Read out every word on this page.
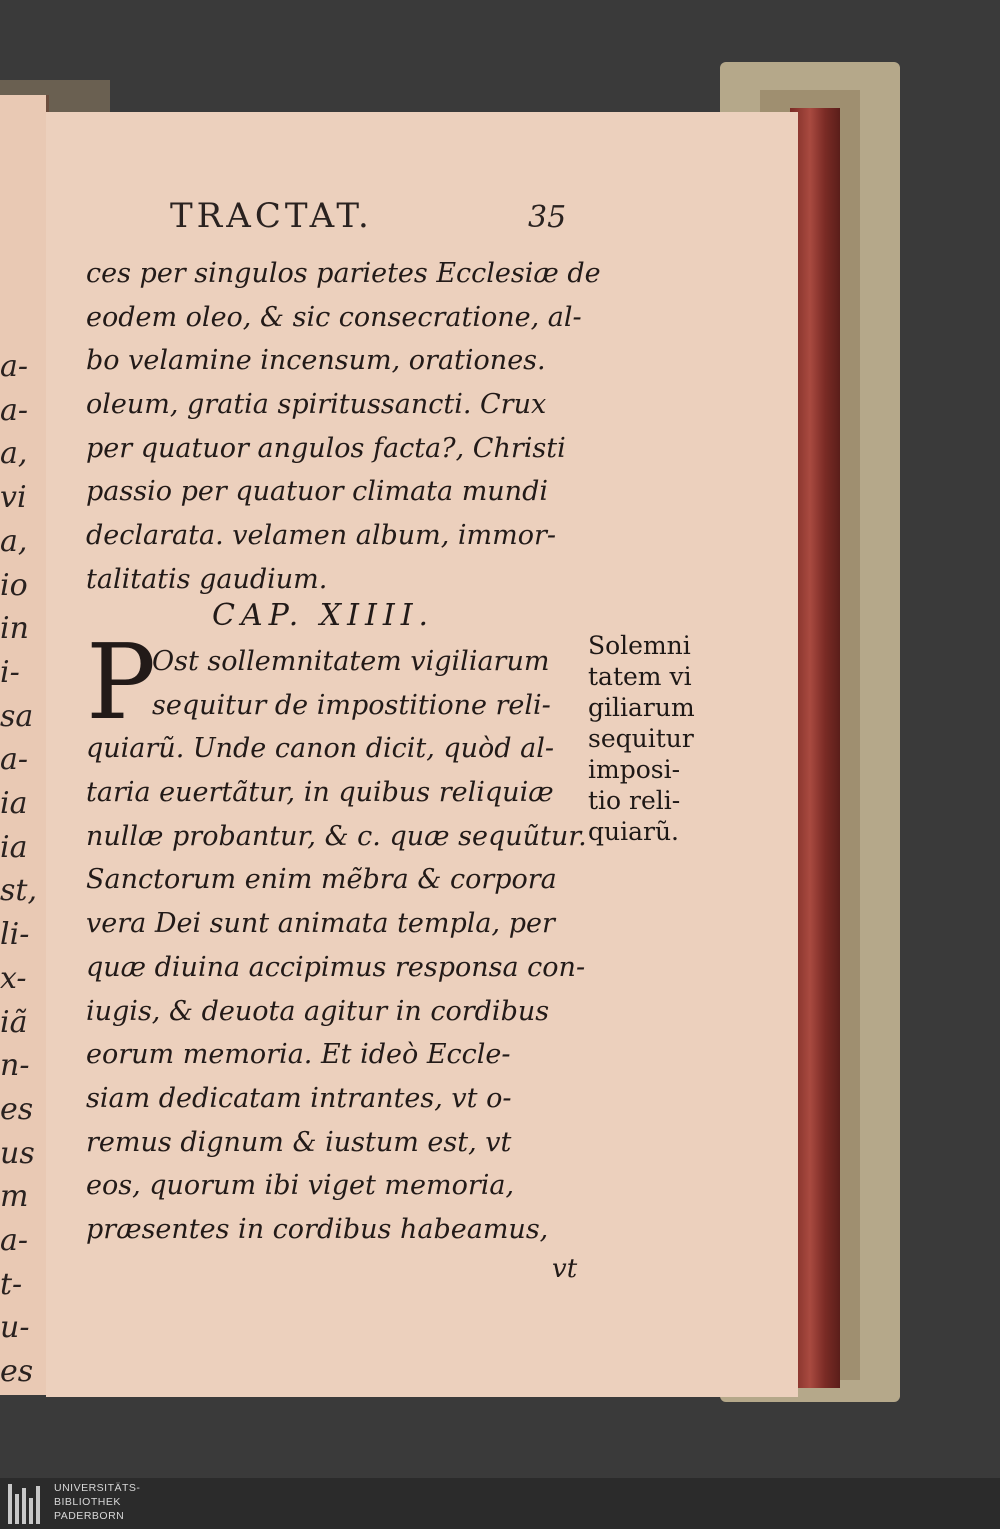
a-
a-
a,
vi
a,
io
in
i-
sa
a-
ia
ia
st,
li-
x-
iã
n-
es
us
m
a-
t-
u-
es
TRACTAT.	35
ces per singulos parietes Ecclesiæ de
eodem oleo, & sic consecratione, al-
bo velamine incensum, orationes.
oleum, gratia spiritussancti. Crux
per quatuor angulos facta?, Christi
passio per quatuor climata mundi
declarata. velamen album, immor-
talitatis gaudium.
CAP. XIIII.
P
Ost sollemnitatem vigiliarum
sequitur de impostitione reli-
quiarũ. Unde canon dicit, quòd al-
taria euertãtur, in quibus reliquiæ
nullæ probantur, & c. quæ sequũtur.
Sanctorum enim mẽbra & corpora
vera Dei sunt animata templa, per
quæ diuina accipimus responsa con-
iugis, & deuota agitur in cordibus
eorum memoria. Et ideò Eccle-
siam dedicatam intrantes, vt o-
remus dignum & iustum est, vt
eos, quorum ibi viget memoria,
præsentes in cordibus habeamus,
Solemni
tatem vi
giliarum
sequitur
imposi-
tio reli-
quiarũ.
vt
UNIVERSITÄTS-
BIBLIOTHEK
PADERBORN
